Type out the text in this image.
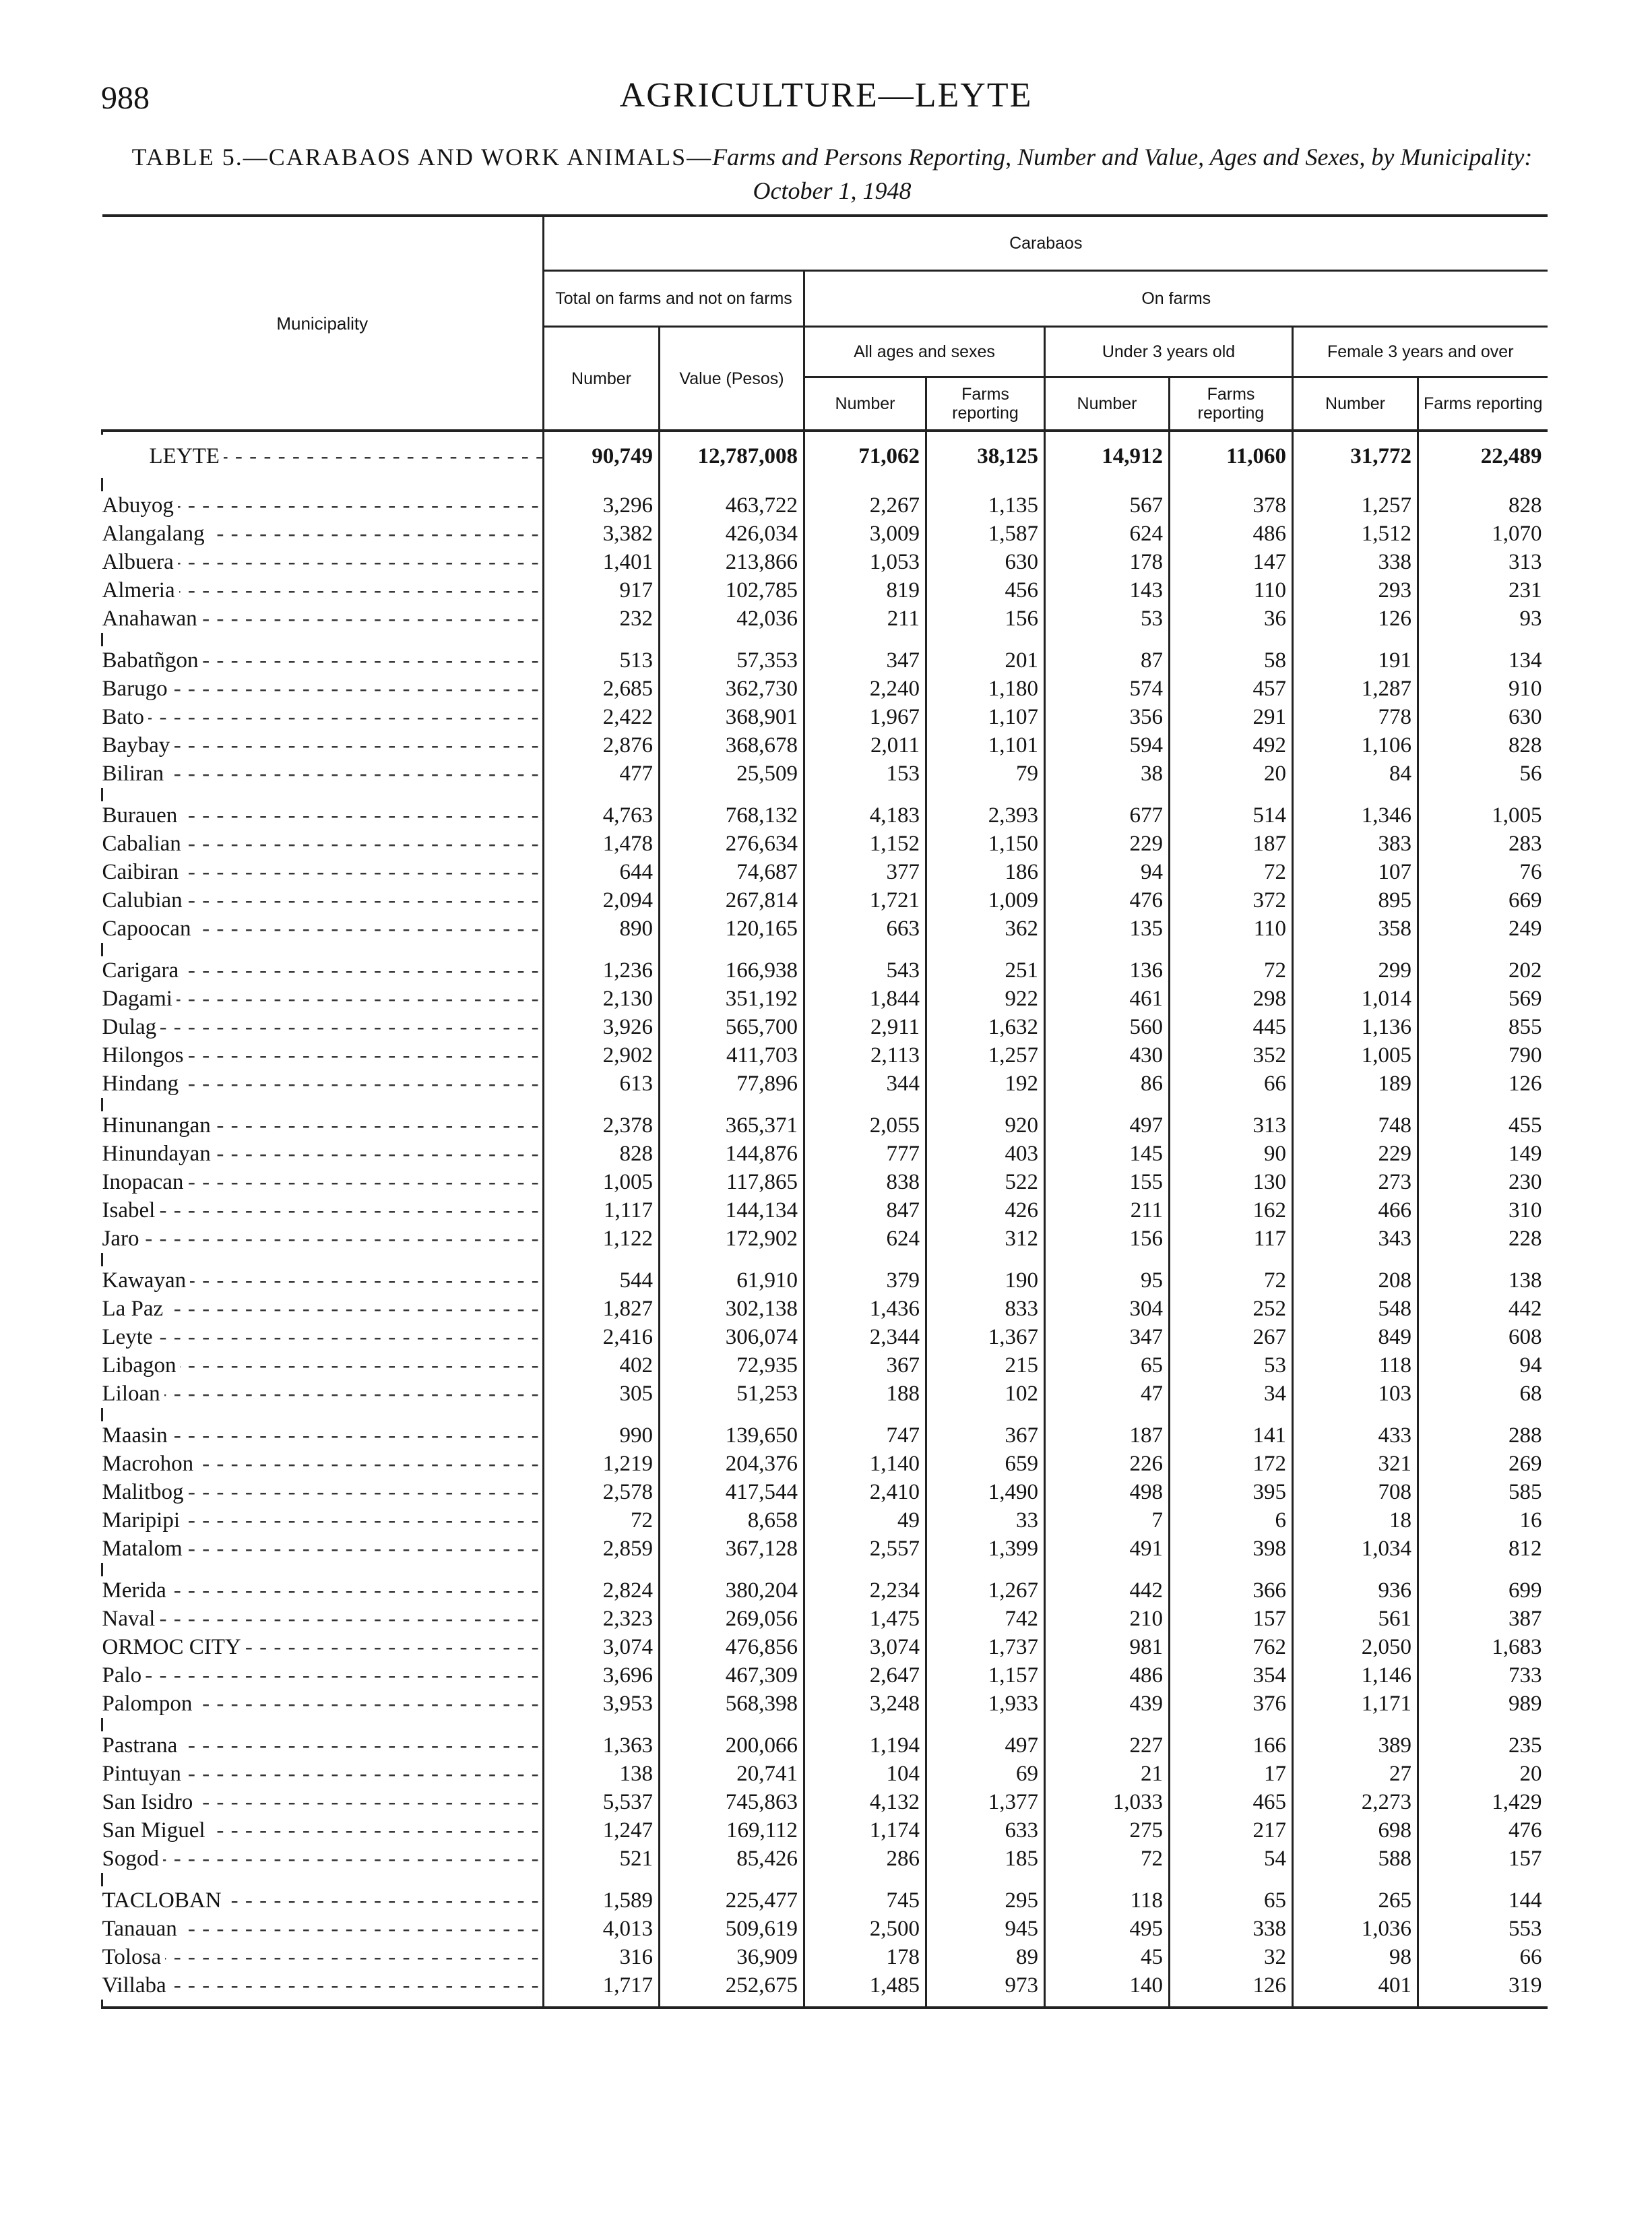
988	AGRICULTURE—LEYTE
TABLE 5.—CARABAOS AND WORK ANIMALS—Farms and Persons Reporting, Number and Value, Ages and Sexes, by Municipality: October 1, 1948
Municipality	Carabaos							
	Total on farms and not on farms		On farms					
	Number	Value (Pesos)	All ages and sexes		Under 3 years old		Female 3 years and over	
			Number	Farms reporting	Number	Farms reporting	Number	Farms reporting

LEYTE - - -	90,749	12,787,008	71,062	38,125	14,912	11,060	31,772	22,489

Abuyog - - -	3,296	463,722	2,267	1,135	567	378	1,257	828

Alangalang - - -	3,382	426,034	3,009	1,587	624	486	1,512	1,070

Albuera - - -	1,401	213,866	1,053	630	178	147	338	313

Almeria - - -	917	102,785	819	456	143	110	293	231

Anahawan - - -	232	42,036	211	156	53	36	126	93

Babatñgon - - -	513	57,353	347	201	87	58	191	134

Barugo - - -	2,685	362,730	2,240	1,180	574	457	1,287	910

Bato - - -	2,422	368,901	1,967	1,107	356	291	778	630

Baybay - - -	2,876	368,678	2,011	1,101	594	492	1,106	828

Biliran - - -	477	25,509	153	79	38	20	84	56

Burauen - - -	4,763	768,132	4,183	2,393	677	514	1,346	1,005

Cabalian - - -	1,478	276,634	1,152	1,150	229	187	383	283

Caibiran - - -	644	74,687	377	186	94	72	107	76

Calubian - - -	2,094	267,814	1,721	1,009	476	372	895	669

Capoocan - - -	890	120,165	663	362	135	110	358	249

Carigara - - -	1,236	166,938	543	251	136	72	299	202

Dagami - - -	2,130	351,192	1,844	922	461	298	1,014	569

Dulag - - -	3,926	565,700	2,911	1,632	560	445	1,136	855

Hilongos - - -	2,902	411,703	2,113	1,257	430	352	1,005	790

Hindang - - -	613	77,896	344	192	86	66	189	126

Hinunangan - - -	2,378	365,371	2,055	920	497	313	748	455

Hinundayan - - -	828	144,876	777	403	145	90	229	149

Inopacan - - -	1,005	117,865	838	522	155	130	273	230

Isabel - - -	1,117	144,134	847	426	211	162	466	310

Jaro - - -	1,122	172,902	624	312	156	117	343	228

Kawayan - - -	544	61,910	379	190	95	72	208	138

La Paz - - -	1,827	302,138	1,436	833	304	252	548	442

Leyte - - -	2,416	306,074	2,344	1,367	347	267	849	608

Libagon - - -	402	72,935	367	215	65	53	118	94

Liloan - - -	305	51,253	188	102	47	34	103	68

Maasin - - -	990	139,650	747	367	187	141	433	288

Macrohon - - -	1,219	204,376	1,140	659	226	172	321	269

Malitbog - - -	2,578	417,544	2,410	1,490	498	395	708	585

Maripipi - - -	72	8,658	49	33	7	6	18	16

Matalom - - -	2,859	367,128	2,557	1,399	491	398	1,034	812

Merida - - -	2,824	380,204	2,234	1,267	442	366	936	699

Naval - - -	2,323	269,056	1,475	742	210	157	561	387

ORMOC CITY - - -	3,074	476,856	3,074	1,737	981	762	2,050	1,683

Palo - - -	3,696	467,309	2,647	1,157	486	354	1,146	733

Palompon - - -	3,953	568,398	3,248	1,933	439	376	1,171	989

Pastrana - - -	1,363	200,066	1,194	497	227	166	389	235

Pintuyan - - -	138	20,741	104	69	21	17	27	20

San Isidro - - -	5,537	745,863	4,132	1,377	1,033	465	2,273	1,429

San Miguel - - -	1,247	169,112	1,174	633	275	217	698	476

Sogod - - -	521	85,426	286	185	72	54	588	157

TACLOBAN - - -	1,589	225,477	745	295	118	65	265	144

Tanauan - - -	4,013	509,619	2,500	945	495	338	1,036	553

Tolosa - - -	316	36,909	178	89	45	32	98	66

Villaba - - -	1,717	252,675	1,485	973	140	126	401	319
